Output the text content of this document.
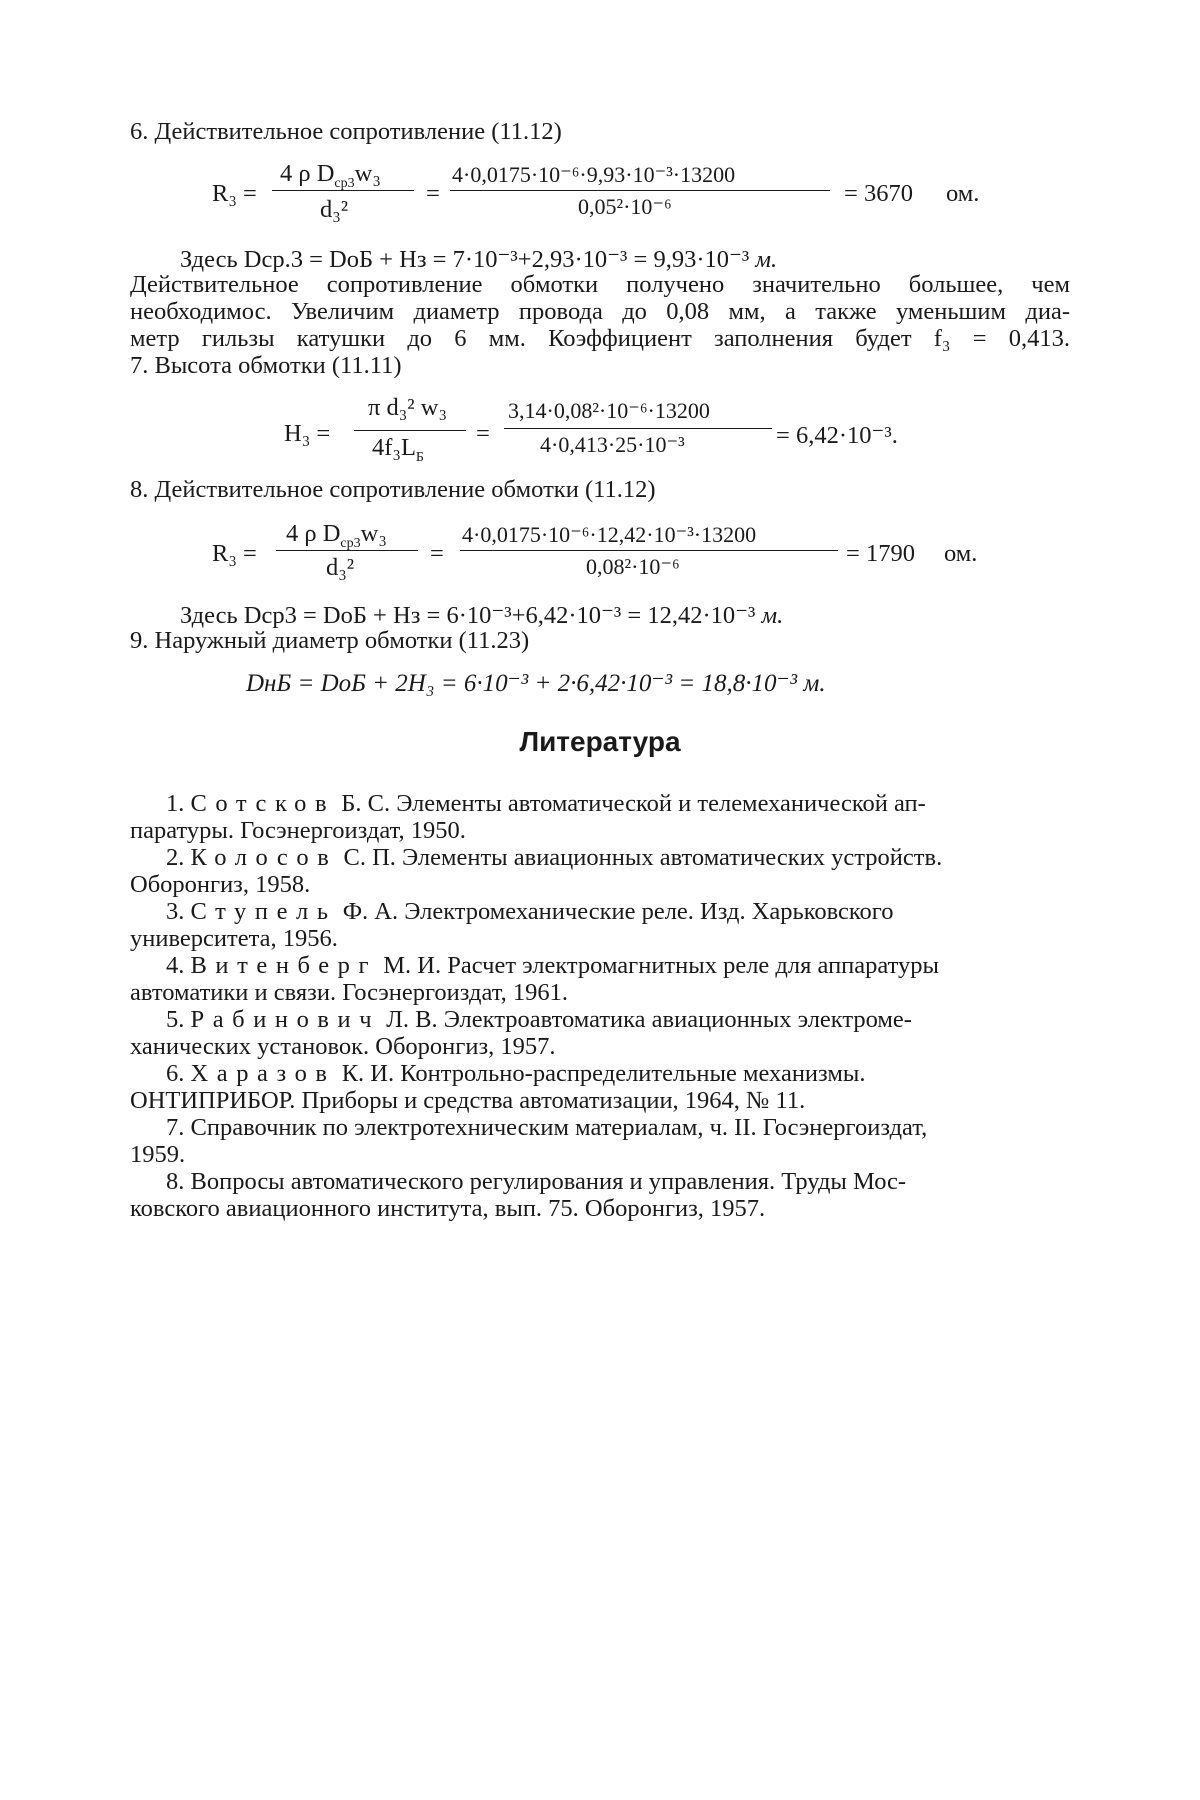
6. Действительное сопротивление (11.12)
R₃ =
4 ρ $D_{ср3}w_3$
d₃²
=
4·0,0175·10⁻⁶·9,93·10⁻³·13200
0,05²·10⁻⁶	= 3670 ом.
Здесь Dср.3 = DоБ + Hз = 7·10⁻³+2,93·10⁻³ = 9,93·10⁻³ м.
Действительное сопротивление обмотки получено значительно большее, чем
необходимос. Увеличим диаметр провода до 0,08 мм, а также уменьшим диа-
метр гильзы катушки до 6 мм. Коэффициент заполнения будет f₃ = 0,413.
7. Высота обмотки (11.11)
H₃ =
π d₃² w₃
$4f_3L_Б$
=
3,14·0,08²·10⁻⁶·13200
4·0,413·25·10⁻³	= 6,42·10⁻³.
8. Действительное сопротивление обмотки (11.12)
R₃ =
4 ρ $D_{ср3}w_3$
d₃²
=
4·0,0175·10⁻⁶·12,42·10⁻³·13200
0,08²·10⁻⁶	= 1790 ом.
Здесь Dср3 = DоБ + Hз = 6·10⁻³+6,42·10⁻³ = 12,42·10⁻³ м.
9. Наружный диаметр обмотки (11.23)
DнБ = DоБ + 2H₃ = 6·10⁻³ + 2·6,42·10⁻³ = 18,8·10⁻³ м.
Литература
1. Сотсков Б. С. Элементы автоматической и телемеханической ап-
паратуры. Госэнергоиздат, 1950.
2. Колосов С. П. Элементы авиационных автоматических устройств.
Оборонгиз, 1958.
3. Ступель Ф. А. Электромеханические реле. Изд. Харьковского
университета, 1956.
4. Витенберг М. И. Расчет электромагнитных реле для аппаратуры
автоматики и связи. Госэнергоиздат, 1961.
5. Рабинович Л. В. Электроавтоматика авиационных электроме-
ханических установок. Оборонгиз, 1957.
6. Харазов К. И. Контрольно-распределительные механизмы.
ОНТИПРИБОР. Приборы и средства автоматизации, 1964, № 11.
7. Справочник по электротехническим материалам, ч. II. Госэнергоиздат,
1959.
8. Вопросы автоматического регулирования и управления. Труды Мос-
ковского авиационного института, вып. 75. Оборонгиз, 1957.
